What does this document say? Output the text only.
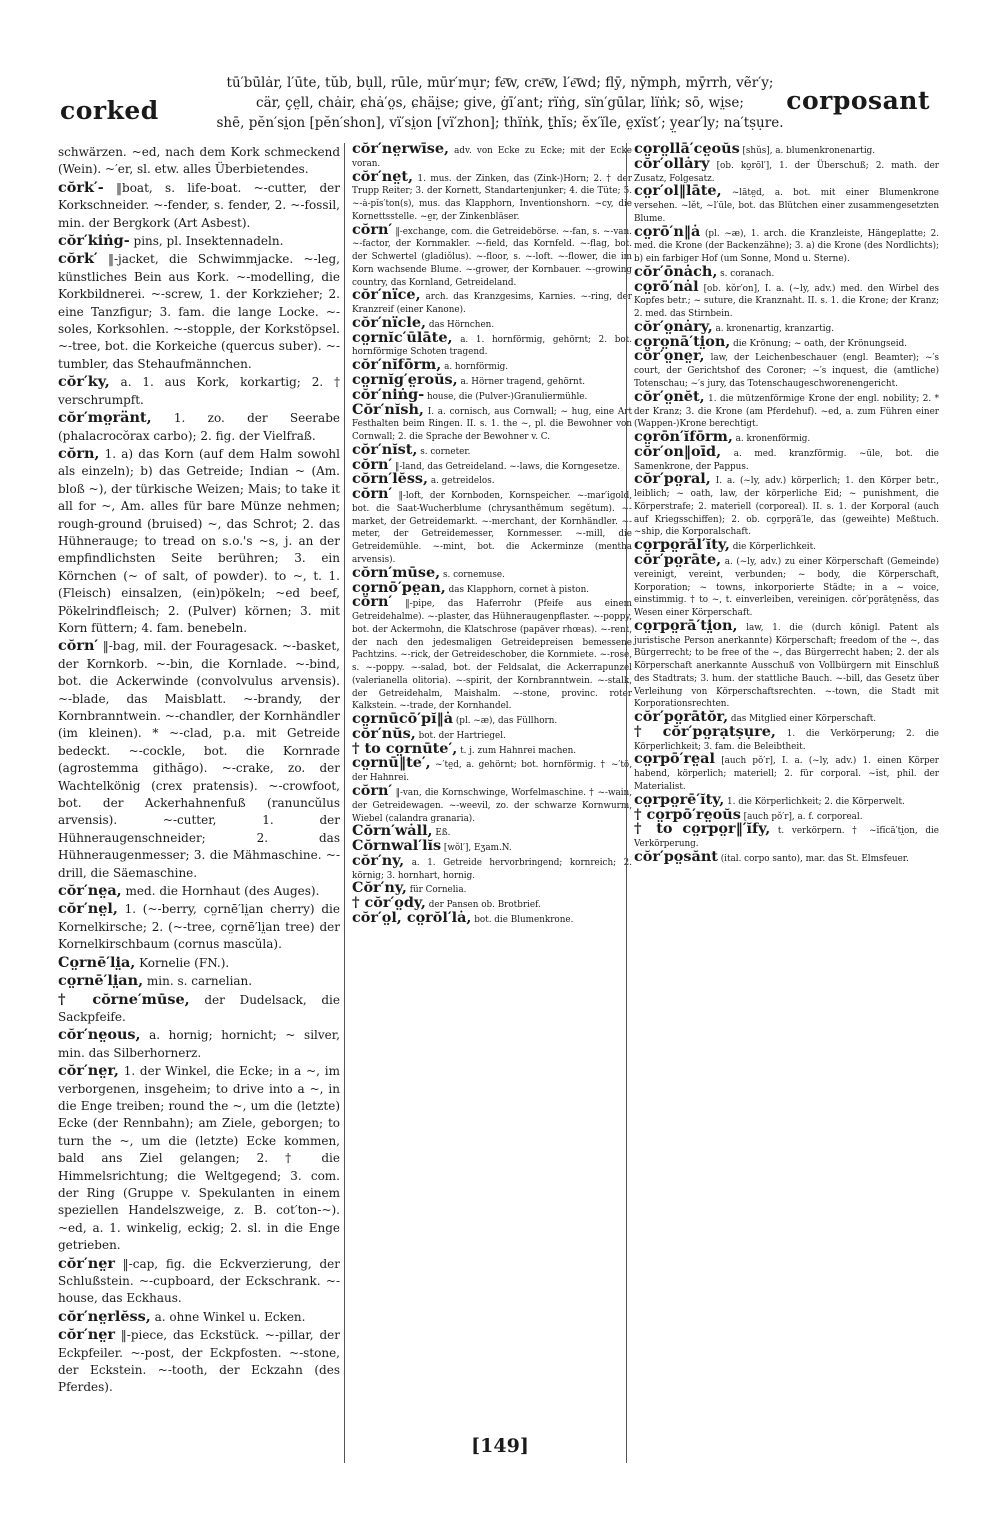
corked
tū′bū̇lȧr, l′ūte, tŭb, bụll, rūle, mūr′mụr; fe͞w, cre͞w, l′e͞wd; flȳ, nȳmph, mȳrrh, vẽr′y;
cär, çe̤ll, chȧir, ɕhȧ′o̤s, ɕhäi̤se; gi̇ve, ġī′ant; rïṅg, sïn′gū̇lar, lïṅk; sō, wi̤se;
shē, pĕn′si̤on [pĕn′shon], vï′si̤on [vï′zhon]; thïṅk, ṯhĭs; ĕx′ïle, e̤xïst′; y̤ear′ly; na′tṣụre.
corposant

schwärzen. ~ed, nach dem Kork schmeckend (Wein). ~′er, sl. etw. alles Überbietendes.

cŏrk′- ‖boat, s. life-boat. ~-cutter, der Korkschneider. ~-fender, s. fender, 2. ~-fossil, min. der Bergkork (Art Asbest).

cŏr′kiṅg- pins, pl. Insektennadeln.

cŏrk′ ‖-jacket, die Schwimmjacke. ~-leg, künstliches Bein aus Kork. ~-modelling, die Korkbildnerei. ~-screw, 1. der Korkzieher; 2. eine Tanzfigur; 3. fam. die lange Locke. ~-soles, Korksohlen. ~-stopple, der Korkstöpsel. ~-tree, bot. die Korkeiche (quercus suber). ~-tumbler, das Stehaufmännchen.

cŏr′ky, a. 1. aus Kork, korkartig; 2. † verschrumpft.

cŏr′mo̤ränt, 1. zo. der Seerabe (phalacrocŏrax carbo); 2. fig. der Vielfraß.

cŏrn, 1. a) das Korn (auf dem Halm sowohl als einzeln); b) das Getreide; Indian ~ (Am. bloß ~), der türkische Weizen; Mais; to take it all for ~, Am. alles für bare Münze nehmen; rough-ground (bruised) ~, das Schrot; 2. das Hühnerauge; to tread on s.o.'s ~s, j. an der empfindlichsten Seite berühren; 3. ein Körnchen (~ of salt, of powder). to ~, t. 1. (Fleisch) einsalzen, (ein)pökeln; ~ed beef, Pökelrindfleisch; 2. (Pulver) körnen; 3. mit Korn füttern; 4. fam. benebeln.

cŏrn′ ‖-bag, mil. der Fouragesack. ~-basket, der Kornkorb. ~-bin, die Kornlade. ~-bind, bot. die Ackerwinde (convolvulus arvensis). ~-blade, das Maisblatt. ~-brandy, der Kornbranntwein. ~-chandler, der Kornhändler (im kleinen). * ~-clad, p.a. mit Getreide bedeckt. ~-cockle, bot. die Kornrade (agrostemma githăgo). ~-crake, zo. der Wachtelkönig (crex pratensis). ~-crowfoot, bot. der Ackerhahnenfuß (ranuncŭlus arvensis). ~-cutter, 1. der Hühneraugenschneider; 2. das Hühneraugenmesser; 3. die Mähmaschine. ~-drill, die Säemaschine.

cŏr′ne̤a, med. die Hornhaut (des Auges).

cŏr′ne̤l, 1. (~-berry, co̤rnē′li̤an cherry) die Kornelkirsche; 2. (~-tree, co̤rnē′li̤an tree) der Kornelkirschbaum (cornus mascŭla).

Co̤rnē′li̤a, Kornelie (FN.).

co̤rnē′li̤an, min. s. carnelian.

† cŏrne′mūse, der Dudelsack, die Sackpfeife.

cŏr′ne̤ous, a. hornig; hornicht; ~ silver, min. das Silberhornerz.

cŏr′ne̤r, 1. der Winkel, die Ecke; in a ~, im verborgenen, insgeheim; to drive into a ~, in die Enge treiben; round the ~, um die (letzte) Ecke (der Rennbahn); am Ziele, geborgen; to turn the ~, um die (letzte) Ecke kommen, bald ans Ziel gelangen; 2. † die Himmelsrichtung; die Weltgegend; 3. com. der Ring (Gruppe v. Spekulanten in einem speziellen Handelszweige, z. B. cot′ton-~). ~ed, a. 1. winkelig, eckig; 2. sl. in die Enge getrieben.

cŏr′ne̤r ‖-cap, fig. die Eckverzierung, der Schlußstein. ~-cupboard, der Eckschrank. ~-house, das Eckhaus.

cŏr′ne̤rlĕss, a. ohne Winkel u. Ecken.

cŏr′ne̤r ‖-piece, das Eckstück. ~-pillar, der Eckpfeiler. ~-post, der Eckpfosten. ~-stone, der Eckstein. ~-tooth, der Eckzahn (des Pferdes).

cŏr′ne̤rwīse, adv. von Ecke zu Ecke; mit der Ecke voran.

cŏr′ne̤t, 1. mus. der Zinken, das (Zink-)Horn; 2. † der Trupp Reiter; 3. der Kornett, Standartenjunker; 4. die Tüte; 5. ~-ȧ-pĭs′ton(s), mus. das Klapphorn, Inventionshorn. ~cy, die Kornettsstelle. ~e̤r, der Zinkenbläser.

cŏrn′ ‖-exchange, com. die Getreidebörse. ~-fan, s. ~-van. ~-factor, der Kornmakler. ~-field, das Kornfeld. ~-flag, bot. der Schwertel (gladiŏlus). ~-floor, s. ~-loft. ~-flower, die im Korn wachsende Blume. ~-grower, der Kornbauer. ~-growing country, das Kornland, Getreideland.

cŏr′nïce, arch. das Kranzgesims, Karnies. ~-ring, der Kranzreif (einer Kanone).

cŏr′nïcle, das Hörnchen.

co̤rnĭc′ūlāte, a. 1. hornförmig, gehörnt; 2. bot. hornförmige Schoten tragend.

cŏr′nĭfōrm, a. hornförmig.

co̤rnĭg′e̤roŭs, a. Hörner tragend, gehörnt.

cŏr′niṅg- house, die (Pulver-)Granuliermühle.

Cŏr′nĭsh, I. a. cornisch, aus Cornwall; ~ hug, eine Art Festhalten beim Ringen. II. s. 1. the ~, pl. die Bewohner von Cornwall; 2. die Sprache der Bewohner v. C.

cŏr′nĭst, s. corneter.

cŏrn′ ‖-land, das Getreideland. ~-laws, die Korngesetze.

cŏrn′lĕss, a. getreidelos.

cŏrn′ ‖-loft, der Kornboden, Kornspeicher. ~-mar′igold, bot. die Saat-Wucherblume (chrysanthĕmum segĕtum). ~-market, der Getreidemarkt. ~-merchant, der Kornhändler. ~-meter, der Getreidemesser, Kornmesser. ~-mill, die Getreidemühle. ~-mint, bot. die Ackerminze (mentha arvensis).

cŏrn′mūse, s. cornemuse.

co̤rnō′pe̤an, das Klapphorn, cornet à piston.

cŏrn′ ‖-pipe, das Haferrohr (Pfeife aus einem Getreidehalme). ~-plaster, das Hühneraugenpflaster. ~-poppy, bot. der Ackermohn, die Klatschrose (papăver rhœas). ~-rent, der nach den jedesmaligen Getreidepreisen bemessene Pachtzins. ~-rick, der Getreideschober, die Kornmiete. ~-rose, s. ~-poppy. ~-salad, bot. der Feldsalat, die Ackerrapunzel (valerianella olitoria). ~-spirit, der Kornbranntwein. ~-stalk, der Getreidehalm, Maishalm. ~-stone, provinc. roter Kalkstein. ~-trade, der Kornhandel.

co̤rnūcō′pĭ‖ȧ (pl. ~æ), das Füllhorn.

cŏr′nŭs, bot. der Hartriegel.

† to co̤rnūte′, t. j. zum Hahnrei machen.

co̤rnū‖te′, ~′te̤d, a. gehörnt; bot. hornförmig. † ~′tō, der Hahnrei.

cŏrn′ ‖-van, die Kornschwinge, Worfelmaschine. † ~-wain, der Getreidewagen. ~-weevil, zo. der schwarze Kornwurm, Wiebel (calandra granaria).

Cŏrn′wȧll, Eß.

Cŏrnwal′lĭs [wŏl′], Eʒam.N.

cŏr′ny, a. 1. Getreide hervorbringend; kornreich; 2. körnig; 3. hornhart, hornig.

Cŏr′ny, für Cornelia.

† cŏr′o̤dy, der Pansen ob. Brotbrief.

cŏr′o̤l, co̤rŏl′lȧ, bot. die Blumenkrone.

co̤ro̤llā′ce̤oŭs [shŭs], a. blumenkronenartig.

cŏr′ollȧry [ob. ko̤rōl′], 1. der Überschuß; 2. math. der Zusatz, Folgesatz.

co̤r′ol‖lāte, ~lāte̤d, a. bot. mit einer Blumenkrone versehen. ~lĕt, ~l′ūle, bot. das Blütchen einer zusammengesetzten Blume.

co̤rō′n‖ȧ (pl. ~æ), 1. arch. die Kranzleiste, Hängeplatte; 2. med. die Krone (der Backenzähne); 3. a) die Krone (des Nordlichts); b) ein farbiger Hof (um Sonne, Mond u. Sterne).

cŏr′ōnȧch, s. coranach.

co̤rō′nȧl [ob. kŏr′on], I. a. (~ly, adv.) med. den Wirbel des Kopfes betr.; ~ suture, die Kranznaht. II. s. 1. die Krone; der Kranz; 2. med. das Stirnbein.

cŏr′o̤nȧry, a. kronenartig, kranzartig.

co̤ro̤nā′ti̤on, die Krönung; ~ oath, der Krönungseid.

cŏr′o̤ne̤r, law, der Leichenbeschauer (engl. Beamter); ~′s court, der Gerichtshof des Coroner; ~′s inquest, die (amtliche) Totenschau; ~′s jury, das Totenschaugeschworenengericht.

cŏr′o̤nĕt, 1. die mützenförmige Krone der engl. nobility; 2. * der Kranz; 3. die Krone (am Pferdehuf). ~ed, a. zum Führen einer (Wappen-)Krone berechtigt.

co̤rōn′ĭfōrm, a. kronenförmig.

cŏr′on‖oīd, a. med. kranzförmig. ~ūle, bot. die Samenkrone, der Pappus.

cŏr′po̤ral, I. a. (~ly, adv.) körperlich; 1. den Körper betr., leiblich; ~ oath, law, der körperliche Eid; ~ punishment, die Körperstrafe; 2. materiell (corporeal). II. s. 1. der Korporal (auch auf Kriegsschiffen); 2. ob. co̤rpo̤rā′le, das (geweihte) Meßtuch. ~ship, die Korporalschaft.

co̤rpo̤răl′ĭty, die Körperlichkeit.

cŏr′po̤rāte, a. (~ly, adv.) zu einer Körperschaft (Gemeinde) vereinigt, vereint, verbunden; ~ body, die Körperschaft, Korporation; ~ towns, inkorporierte Städte; in a ~ voice, einstimmig. † to ~, t. einverleiben, vereinigen. cŏr′po̤rāte̤nĕss, das Wesen einer Körperschaft.

co̤rpo̤rā′ti̤on, law, 1. die (durch königl. Patent als juristische Person anerkannte) Körperschaft; freedom of the ~, das Bürgerrecht; to be free of the ~, das Bürgerrecht haben; 2. der als Körperschaft anerkannte Ausschuß von Vollbürgern mit Einschluß des Stadtrats; 3. hum. der stattliche Bauch. ~-bill, das Gesetz über Verleihung von Körperschaftsrechten. ~-town, die Stadt mit Korporationsrechten.

cŏr′po̤rātŏr, das Mitglied einer Körperschaft.

† cŏr′po̤rạtṣụre, 1. die Verkörperung; 2. die Körperlichkeit; 3. fam. die Beleibtheit.

co̤rpō′re̤al [auch pŏ′r], I. a. (~ly, adv.) 1. einen Körper habend, körperlich; materiell; 2. für corporal. ~ĭst, phil. der Materialist.

co̤rpo̤rē′ĭty, 1. die Körperlichkeit; 2. die Körperwelt.

† co̤rpō′re̤oŭs [auch pŏ′r], a. f. corporeal.

† to co̤rpo̤r‖′ĭfy, t. verkörpern. † ~ĭfĭcā′ti̤on, die Verkörperung.

cŏr′po̤sănt (ital. corpo santo), mar. das St. Elmsfeuer.

[149]
